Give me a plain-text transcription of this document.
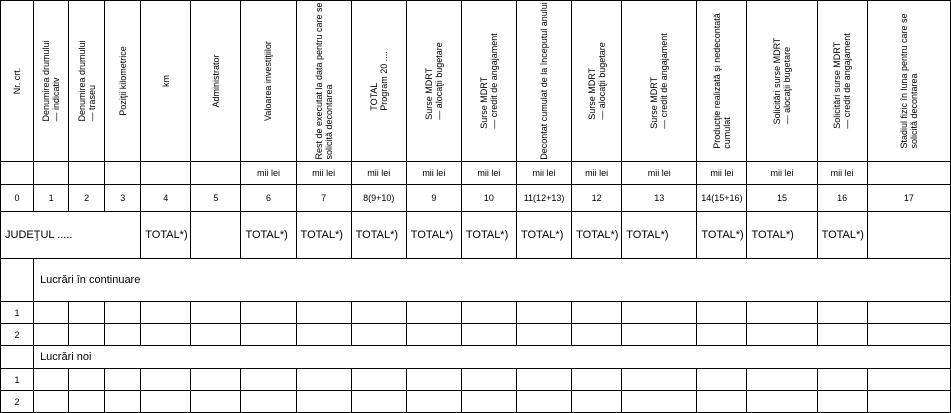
Nr. crt.	Denumirea drumului
— indicativ	Denumirea drumului
— traseu	Poziţii kilometrice	km	Administrator	Valoarea investiţiilor	Rest de executat la data pentru care se
solicită decontarea	TOTAL
Program 20 ....	Surse MDRT
— alocaţii bugetare	Surse MDRT
— credit de angajament	Decontat cumulat de la începutul anului	Surse MDRT
— alocaţii bugetare	Surse MDRT
— credit de angajament	Producţie realizată şi nedecontată
cumulat	Solicitări surse MDRT
— alocaţii bugetare	Solicitări surse MDRT
— credit de angajament	Stadiul fizic în luna pentru care se
solicită decontarea

						mii lei	mii lei	mii lei	mii lei	mii lei	mii lei	mii lei	mii lei	mii lei	mii lei	mii lei	
0	1	2	3	4	5	6	7	8(9+10)	9	10	11(12+13)	12	13	14(15+16)	15	16	17
JUDEŢUL .....				TOTAL*)		TOTAL*)	TOTAL*)	TOTAL*)	TOTAL*)	TOTAL*)	TOTAL*)	TOTAL*)	TOTAL*)	TOTAL*)	TOTAL*)	TOTAL*)	
	Lucrări în continuare																
1																	
2																	
	Lucrări noi																
1																	
2																	
